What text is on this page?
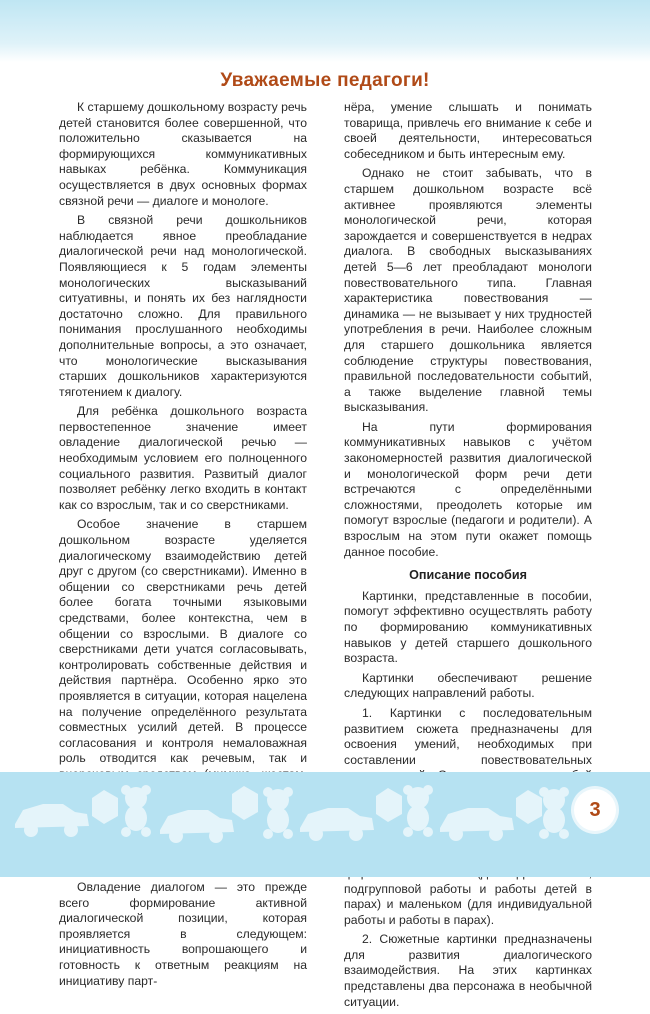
Уважаемые педагоги!

К старшему дошкольному возрасту речь детей становится более совершенной, что положительно сказывается на формирующихся коммуникативных навыках ребёнка. Коммуникация осуществляется в двух основных формах связной речи — диалоге и монологе.

В связной речи дошкольников наблюдается явное преобладание диалогической речи над монологической. Появляющиеся к 5 годам элементы монологических высказываний ситуативны, и понять их без наглядности достаточно сложно. Для правильного понимания прослушанного необходимы дополнительные вопросы, а это означает, что монологические высказывания старших дошкольников характеризуются тяготением к диалогу.

Для ребёнка дошкольного возраста первостепенное значение имеет овладение диалогической речью — необходимым условием его полноценного социального развития. Развитый диалог позволяет ребёнку легко входить в контакт как со взрослым, так и со сверстниками.

Особое значение в старшем дошкольном возрасте уделяется диалогическому взаимодействию детей друг с другом (со сверстниками). Именно в общении со сверстниками речь детей более богата точными языковыми средствами, более контекстна, чем в общении со взрослыми. В диалоге со сверстниками дети учатся согласовывать, контролировать собственные действия и действия партнёра. Особенно ярко это проявляется в ситуации, которая нацелена на получение определённого результата совместных усилий детей. В процессе согласования и контроля немаловажная роль отводится как речевым, так и

Овладение диалогом — это прежде всего формирование активной диалогической позиции, которая проявляется в следующем: инициативность вопрошающего и готовность к ответным реакциям на инициативу парт-

нёра, умение слышать и понимать товарища, привлечь его внимание к себе и своей деятельности, интересоваться собеседником и быть интересным ему.

Однако не стоит забывать, что в старшем дошкольном возрасте всё активнее проявляются элементы монологической речи, которая зарождается и совершенствуется в недрах диалога. В свободных высказываниях детей 5—6 лет преобладают монологи повествовательного типа. Главная характеристика повествования — динамика — не вызывает у них трудностей употребления в речи. Наиболее сложным для старшего дошкольника является соблюдение структуры повествования, правильной последовательности событий, а также выделение главной темы высказывания.

На пути формирования коммуникативных навыков с учётом закономерностей развития диалогической и монологической форм речи дети встречаются с определёнными сложностями, преодолеть которые им помогут взрослые (педагоги и родители). А взрослым на этом пути окажет помощь данное пособие.

Описание пособия

Картинки, представленные в пособии, помогут эффективно осуществлять работу по формированию коммуникативных навыков у детей старшего дошкольного возраста.

Картинки обеспечивают решение следующих направлений работы.

1. Картинки с последовательным развитием сюжета предназначены для освоения умений, необходимых при составлении повествовательных

подгрупповой работы и работы детей в парах) и маленьком (для индивидуальной работы и работы в парах).

2. Сюжетные картинки предназначены для развития диалогического взаимодействия. На этих картинках представлены два персонажа в необычной ситуации.

3
